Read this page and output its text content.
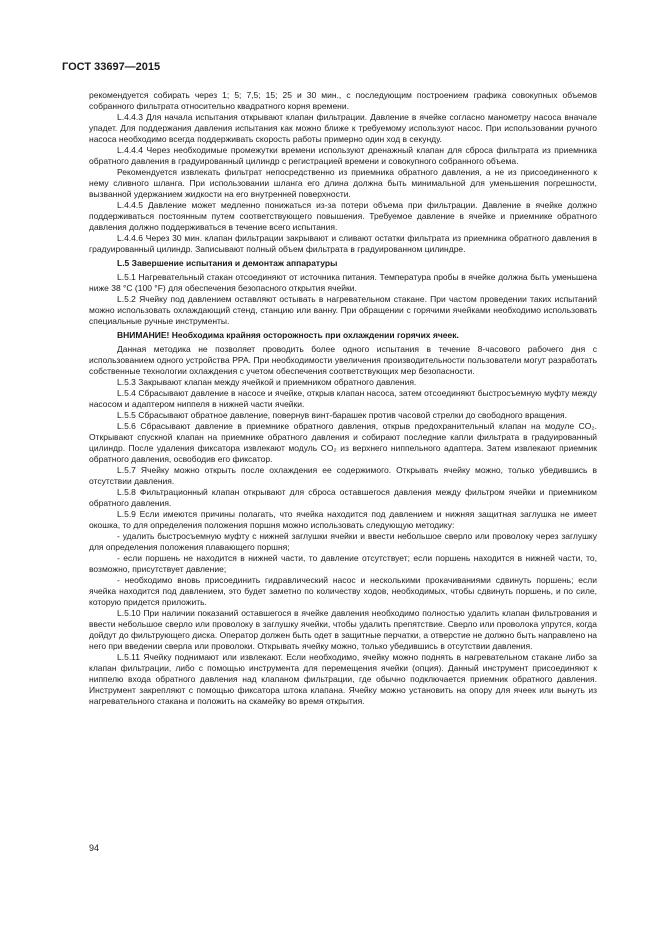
ГОСТ 33697—2015

рекомендуется собирать через 1; 5; 7,5; 15; 25 и 30 мин., с последующим построением графика совокупных объемов собранного фильтрата относительно квадратного корня времени.

L.4.4.3 Для начала испытания открывают клапан фильтрации. Давление в ячейке согласно манометру насоса вначале упадет. Для поддержания давления испытания как можно ближе к требуемому используют насос. При использовании ручного насоса необходимо всегда поддерживать скорость работы примерно один ход в секунду.

L.4.4.4 Через необходимые промежутки времени используют дренажный клапан для сброса фильтрата из приемника обратного давления в градуированный цилиндр с регистрацией времени и совокупного собранного объема.

Рекомендуется извлекать фильтрат непосредственно из приемника обратного давления, а не из присоединенного к нему сливного шланга. При использовании шланга его длина должна быть минимальной для уменьшения погрешности, вызванной удержанием жидкости на его внутренней поверхности.

L.4.4.5 Давление может медленно понижаться из-за потери объема при фильтрации. Давление в ячейке должно поддерживаться постоянным путем соответствующего повышения. Требуемое давление в ячейке и приемнике обратного давления должно поддерживаться в течение всего испытания.

L.4.4.6 Через 30 мин. клапан фильтрации закрывают и сливают остатки фильтрата из приемника обратного давления в градуированный цилиндр. Записывают полный объем фильтрата в градуированном цилиндре.

L.5 Завершение испытания и демонтаж аппаратуры

L.5.1 Нагревательный стакан отсоединяют от источника питания. Температура пробы в ячейке должна быть уменьшена ниже 38 °С (100 °F) для обеспечения безопасного открытия ячейки.

L.5.2 Ячейку под давлением оставляют остывать в нагревательном стакане. При частом проведении таких испытаний можно использовать охлаждающий стенд, станцию или ванну. При обращении с горячими ячейками необходимо использовать специальные ручные инструменты.

ВНИМАНИЕ! Необходима крайняя осторожность при охлаждении горячих ячеек.

Данная методика не позволяет проводить более одного испытания в течение 8-часового рабочего дня с использованием одного устройства PPA. При необходимости увеличения производительности пользователи могут разработать собственные технологии охлаждения с учетом обеспечения соответствующих мер безопасности.

L.5.3 Закрывают клапан между ячейкой и приемником обратного давления.

L.5.4 Сбрасывают давление в насосе и ячейке, открыв клапан насоса, затем отсоединяют быстросъемную муфту между насосом и адаптером ниппеля в нижней части ячейки.

L.5.5 Сбрасывают обратное давление, повернув винт-барашек против часовой стрелки до свободного вращения.

L.5.6 Сбрасывают давление в приемнике обратного давления, открыв предохранительный клапан на модуле CO₂. Открывают спускной клапан на приемнике обратного давления и собирают последние капли фильтрата в градуированный цилиндр. После удаления фиксатора извлекают модуль CO₂ из верхнего ниппельного адаптера. Затем извлекают приемник обратного давления, освободив его фиксатор.

L.5.7 Ячейку можно открыть после охлаждения ее содержимого. Открывать ячейку можно, только убедившись в отсутствии давления.

L.5.8 Фильтрационный клапан открывают для сброса оставшегося давления между фильтром ячейки и приемником обратного давления.

L.5.9 Если имеются причины полагать, что ячейка находится под давлением и нижняя защитная заглушка не имеет окошка, то для определения положения поршня можно использовать следующую методику:

- удалить быстросъемную муфту с нижней заглушки ячейки и ввести небольшое сверло или проволоку через заглушку для определения положения плавающего поршня;

- если поршень не находится в нижней части, то давление отсутствует; если поршень находится в нижней части, то, возможно, присутствует давление;

- необходимо вновь присоединить гидравлический насос и несколькими прокачиваниями сдвинуть поршень; если ячейка находится под давлением, это будет заметно по количеству ходов, необходимых, чтобы сдвинуть поршень, и по силе, которую придется приложить.

L.5.10 При наличии показаний оставшегося в ячейке давления необходимо полностью удалить клапан фильтрования и ввести небольшое сверло или проволоку в заглушку ячейки, чтобы удалить препятствие. Сверло или проволока упрутся, когда дойдут до фильтрующего диска. Оператор должен быть одет в защитные перчатки, а отверстие не должно быть направлено на него при введении сверла или проволоки. Открывать ячейку можно, только убедившись в отсутствии давления.

L.5.11 Ячейку поднимают или извлекают. Если необходимо, ячейку можно поднять в нагревательном стакане либо за клапан фильтрации, либо с помощью инструмента для перемещения ячейки (опция). Данный инструмент присоединяют к ниппелю входа обратного давления над клапаном фильтрации, где обычно подключается приемник обратного давления. Инструмент закрепляют с помощью фиксатора штока клапана. Ячейку можно установить на опору для ячеек или вынуть из нагревательного стакана и положить на скамейку во время открытия.

94
